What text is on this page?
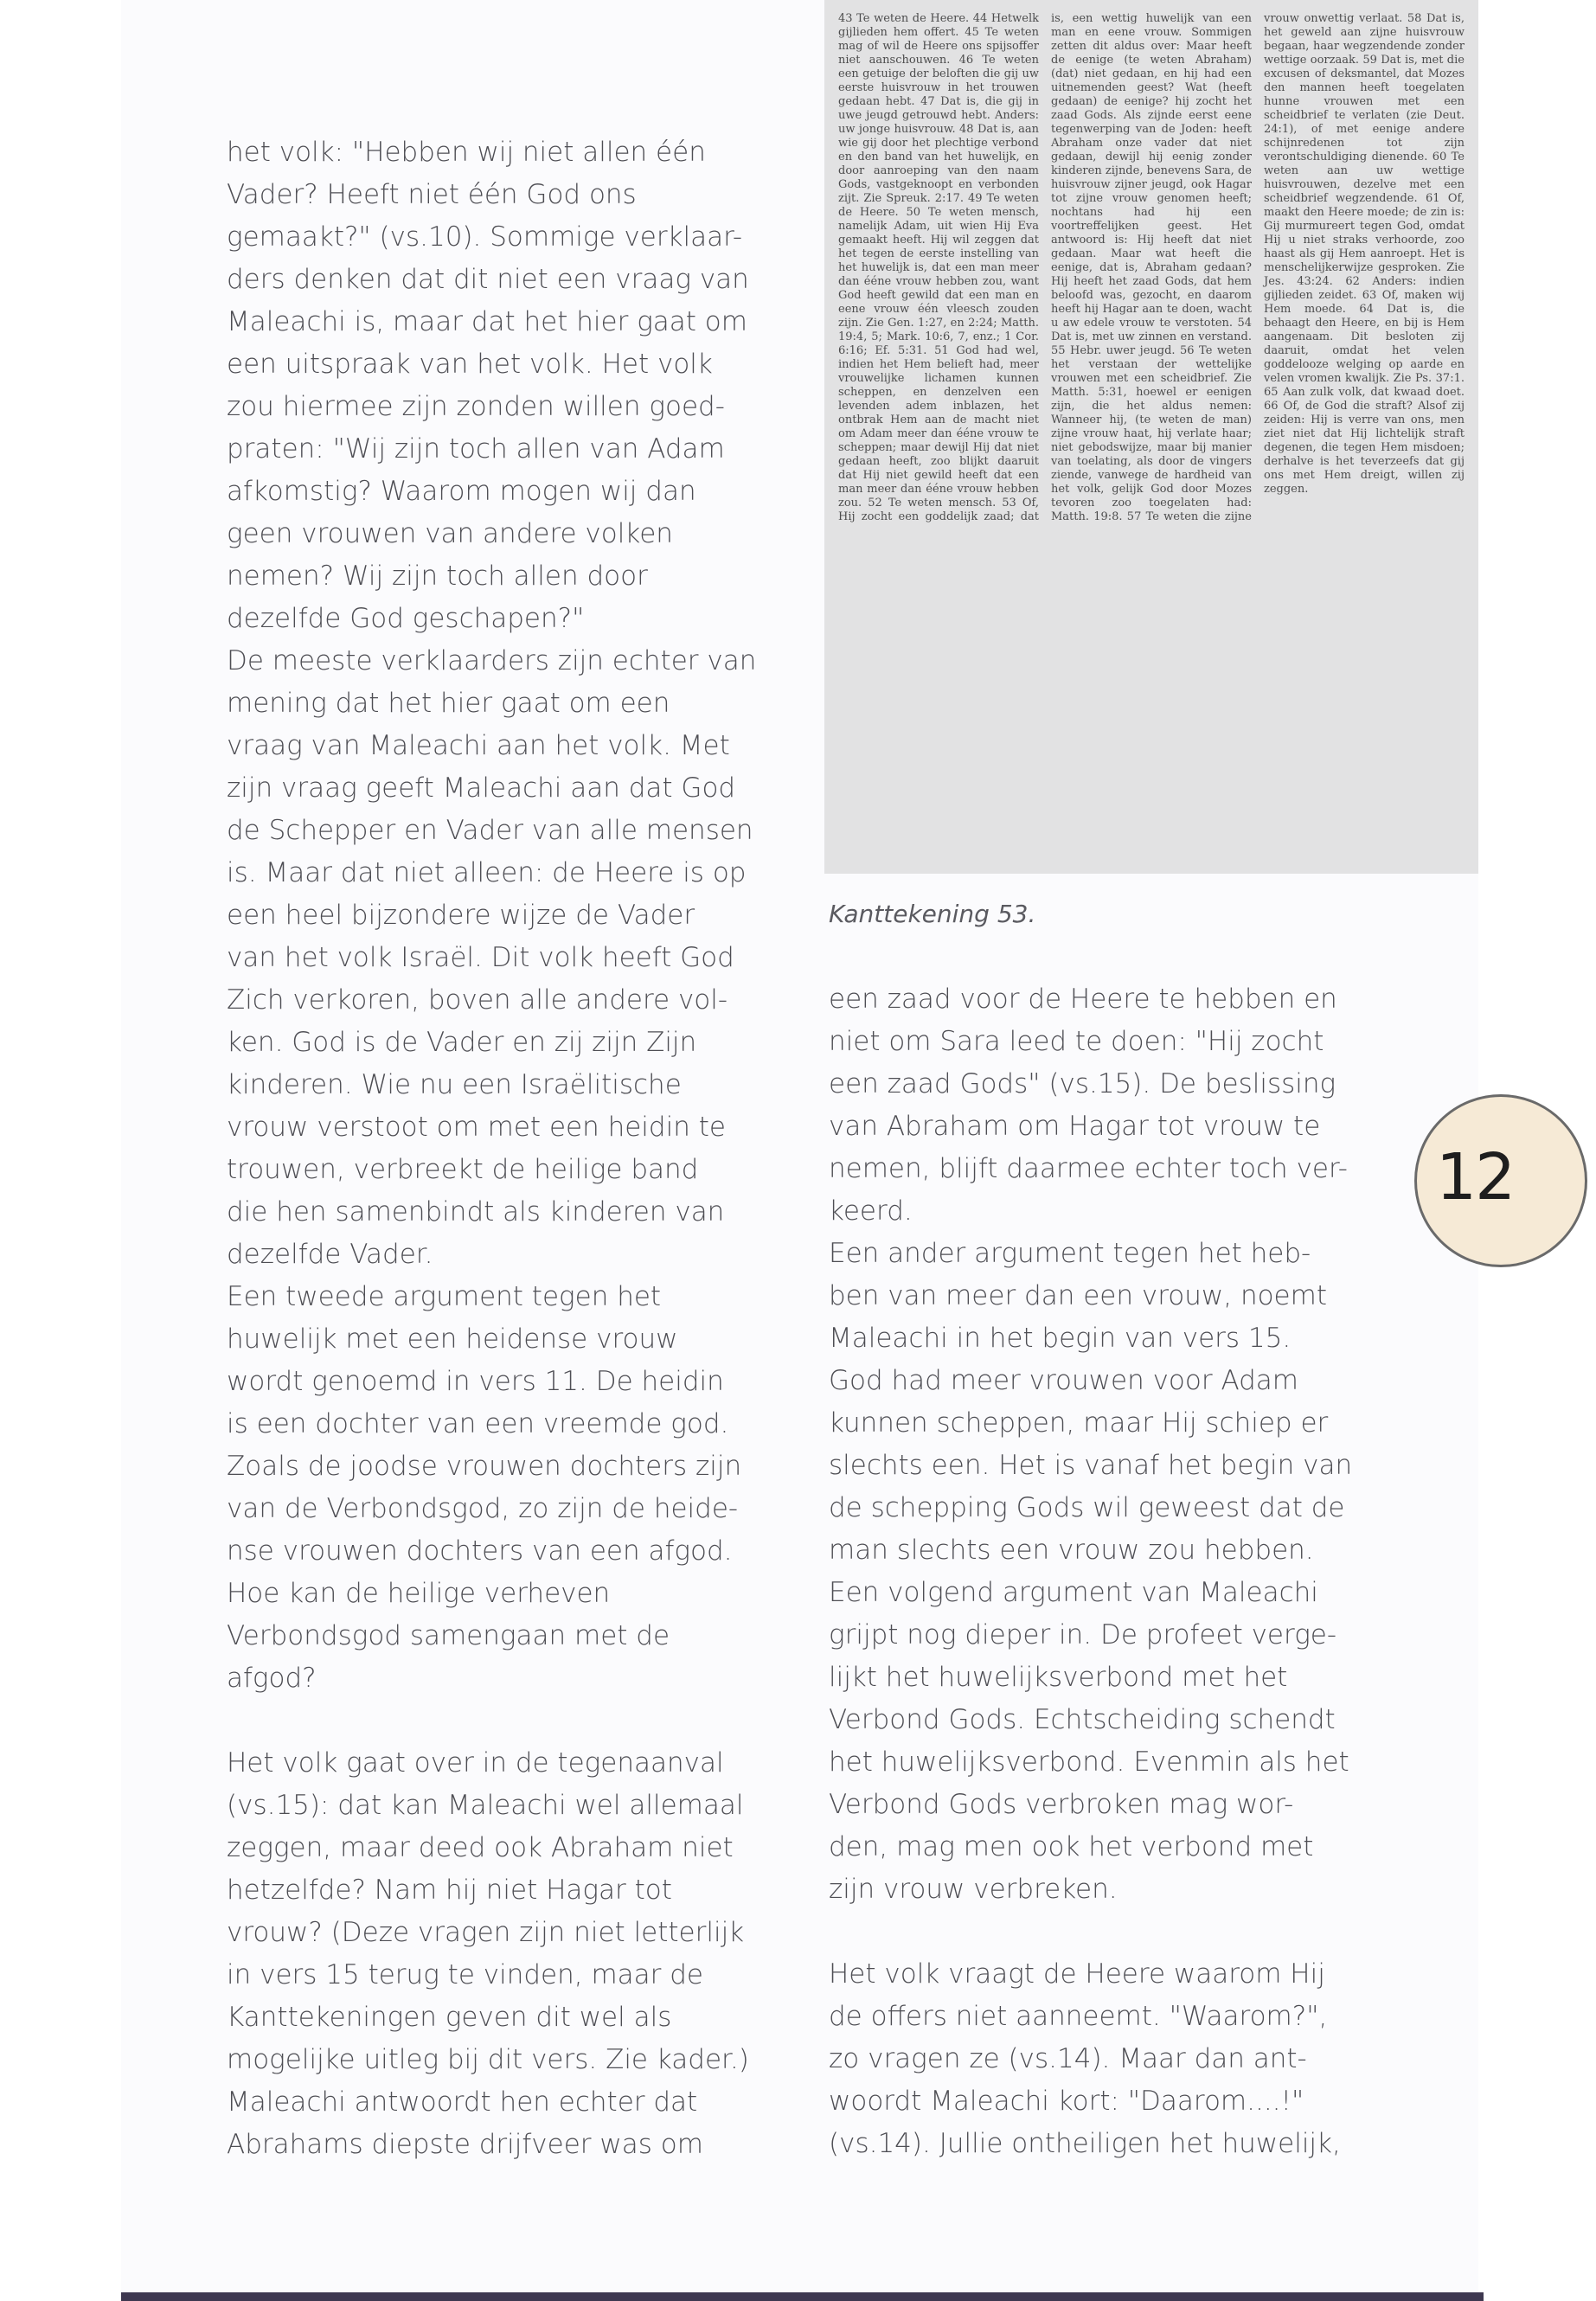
43 Te weten de Heere. 44 Hetwelk gijlieden hem offert. 45 Te weten mag of wil de Heere ons spijsoffer niet aanschouwen. 46 Te weten een getuige der beloften die gij uw eerste huisvrouw in het trouwen gedaan hebt. 47 Dat is, die gij in uwe jeugd getrouwd hebt. Anders: uw jonge huisvrouw. 48 Dat is, aan wie gij door het plechtige verbond en den band van het huwelijk, en door aanroeping van den naam Gods, vastgeknoopt en verbonden zijt. Zie Spreuk. 2:17. 49 Te weten de Heere. 50 Te weten mensch, namelijk Adam, uit wien Hij Eva gemaakt heeft. Hij wil zeggen dat het tegen de eerste instelling van het huwelijk is, dat een man meer dan ééne vrouw hebben zou, want God heeft gewild dat een man en eene vrouw één vleesch zouden zijn. Zie Gen. 1:27, en 2:24; Matth. 19:4, 5; Mark. 10:6, 7, enz.; 1 Cor. 6:16; Ef. 5:31. 51 God had wel, indien het Hem belieft had, meer vrouwelijke lichamen kunnen scheppen, en denzelven een levenden adem inblazen, het ontbrak Hem aan de macht niet om Adam meer dan ééne vrouw te scheppen; maar dewijl Hij dat niet gedaan heeft, zoo blijkt daaruit dat Hij niet gewild heeft dat een man meer dan ééne vrouw hebben zou. 52 Te weten mensch. 53 Of, Hij zocht een goddelijk zaad; dat is, een wettig huwelijk van een man en eene vrouw. Sommigen zetten dit aldus over: Maar heeft de eenige (te weten Abraham) (dat) niet gedaan, en hij had een uitnemenden geest? Wat (heeft gedaan) de eenige? hij zocht het zaad Gods. Als zijnde eerst eene tegenwerping van de Joden: heeft Abraham onze vader dat niet gedaan, dewijl hij eenig zonder kinderen zijnde, benevens Sara, de huisvrouw zijner jeugd, ook Hagar tot zijne vrouw genomen heeft; nochtans had hij een voortreffelijken geest. Het antwoord is: Hij heeft dat niet gedaan. Maar wat heeft die eenige, dat is, Abraham gedaan? Hij heeft het zaad Gods, dat hem beloofd was, gezocht, en daarom heeft hij Hagar aan te doen, wacht u aw edele vrouw te verstoten. 54 Dat is, met uw zinnen en verstand. 55 Hebr. uwer jeugd. 56 Te weten het verstaan der wettelijke vrouwen met een scheidbrief. Zie Matth. 5:31, hoewel er eenigen zijn, die het aldus nemen: Wanneer hij, (te weten de man) zijne vrouw haat, hij verlate haar; niet gebodswijze, maar bij manier van toelating, als door de vingers ziende, vanwege de hardheid van het volk, gelijk God door Mozes tevoren zoo toegelaten had: Matth. 19:8. 57 Te weten die zijne vrouw onwettig verlaat. 58 Dat is, het geweld aan zijne huisvrouw begaan, haar wegzendende zonder wettige oorzaak. 59 Dat is, met die excusen of deksmantel, dat Mozes den mannen heeft toegelaten hunne vrouwen met een scheidbrief te verlaten (zie Deut. 24:1), of met eenige andere schijnredenen tot zijn verontschuldiging dienende. 60 Te weten aan uw wettige huisvrouwen, dezelve met een scheidbrief wegzendende. 61 Of, maakt den Heere moede; de zin is: Gij murmureert tegen God, omdat Hij u niet straks verhoorde, zoo haast als gij Hem aanroept. Het is menschelijkerwijze gesproken. Zie Jes. 43:24. 62 Anders: indien gijlieden zeidet. 63 Of, maken wij Hem moede. 64 Dat is, die behaagt den Heere, en bij is Hem aangenaam. Dit besloten zij daaruit, omdat het velen goddelooze welging op aarde en velen vromen kwalijk. Zie Ps. 37:1. 65 Aan zulk volk, dat kwaad doet. 66 Of, de God die straft? Alsof zij zeiden: Hij is verre van ons, men ziet niet dat Hij lichtelijk straft degenen, die tegen Hem misdoen; derhalve is het teverzeefs dat gij ons met Hem dreigt, willen zij zeggen.
Kanttekening 53.
het volk: "Hebben wij niet allen één
Vader? Heeft niet één God ons
gemaakt?" (vs.10). Sommige verklaar-
ders denken dat dit niet een vraag van
Maleachi is, maar dat het hier gaat om
een uitspraak van het volk. Het volk
zou hiermee zijn zonden willen goed-
praten: "Wij zijn toch allen van Adam
afkomstig? Waarom mogen wij dan
geen vrouwen van andere volken
nemen? Wij zijn toch allen door
dezelfde God geschapen?"
De meeste verklaarders zijn echter van
mening dat het hier gaat om een
vraag van Maleachi aan het volk. Met
zijn vraag geeft Maleachi aan dat God
de Schepper en Vader van alle mensen
is. Maar dat niet alleen: de Heere is op
een heel bijzondere wijze de Vader
van het volk Israël. Dit volk heeft God
Zich verkoren, boven alle andere vol-
ken. God is de Vader en zij zijn Zijn
kinderen. Wie nu een Israëlitische
vrouw verstoot om met een heidin te
trouwen, verbreekt de heilige band
die hen samenbindt als kinderen van
dezelfde Vader.
Een tweede argument tegen het
huwelijk met een heidense vrouw
wordt genoemd in vers 11. De heidin
is een dochter van een vreemde god.
Zoals de joodse vrouwen dochters zijn
van de Verbondsgod, zo zijn de heide-
nse vrouwen dochters van een afgod.
Hoe kan de heilige verheven
Verbondsgod samengaan met de
afgod?
Het volk gaat over in de tegenaanval
(vs.15): dat kan Maleachi wel allemaal
zeggen, maar deed ook Abraham niet
hetzelfde? Nam hij niet Hagar tot
vrouw? (Deze vragen zijn niet letterlijk
in vers 15 terug te vinden, maar de
Kanttekeningen geven dit wel als
mogelijke uitleg bij dit vers. Zie kader.)
Maleachi antwoordt hen echter dat
Abrahams diepste drijfveer was om
een zaad voor de Heere te hebben en
niet om Sara leed te doen: "Hij zocht
een zaad Gods" (vs.15). De beslissing
van Abraham om Hagar tot vrouw te
nemen, blijft daarmee echter toch ver-
keerd.
Een ander argument tegen het heb-
ben van meer dan een vrouw, noemt
Maleachi in het begin van vers 15.
God had meer vrouwen voor Adam
kunnen scheppen, maar Hij schiep er
slechts een. Het is vanaf het begin van
de schepping Gods wil geweest dat de
man slechts een vrouw zou hebben.
Een volgend argument van Maleachi
grijpt nog dieper in. De profeet verge-
lijkt het huwelijksverbond met het
Verbond Gods. Echtscheiding schendt
het huwelijksverbond. Evenmin als het
Verbond Gods verbroken mag wor-
den, mag men ook het verbond met
zijn vrouw verbreken.
Het volk vraagt de Heere waarom Hij
de offers niet aanneemt. "Waarom?",
zo vragen ze (vs.14). Maar dan ant-
woordt Maleachi kort: "Daarom....!"
(vs.14). Jullie ontheiligen het huwelijk,
12
